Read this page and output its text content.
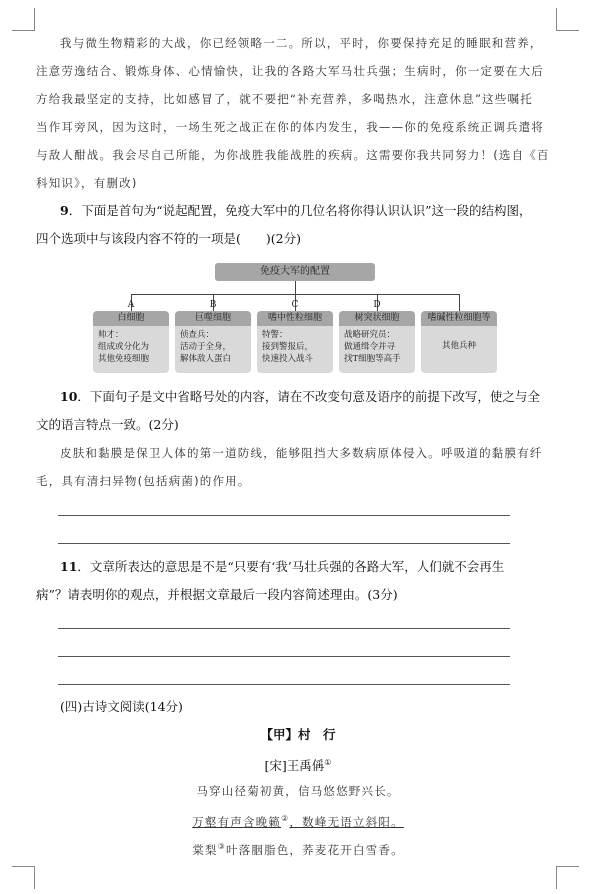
我与微生物精彩的大战，你已经领略一二。所以，平时，你要保持充足的睡眠和营养，
注意劳逸结合、锻炼身体、心情愉快，让我的各路大军马壮兵强；生病时，你一定要在大后
方给我最坚定的支持，比如感冒了，就不要把“补充营养，多喝热水，注意休息”这些嘱托
当作耳旁风，因为这时，一场生死之战正在你的体内发生，我——你的免疫系统正调兵遣将
与敌人酣战。我会尽自己所能，为你战胜我能战胜的疾病。这需要你我共同努力！(选自《百
科知识》，有删改)
9．下面是首句为“说起配置，免疫大军中的几位名将你得认识认识”这一段的结构图，
四个选项中与该段内容不符的一项是(　　)(2分)
免疫大军的配置
A	B	C	D
白细胞
帅才：
组成或分化为
其他免疫细胞
巨噬细胞
侦查兵：
活动于全身，
解体敌人蛋白
嗜中性粒细胞
特警：
接到警报后，
快速投入战斗
树突状细胞
战略研究员：
做通缉令并寻
找T细胞等高手
嗜碱性粒细胞等
其他兵种
10．下面句子是文中省略号处的内容，请在不改变句意及语序的前提下改写，使之与全
文的语言特点一致。(2分)
皮肤和黏膜是保卫人体的第一道防线，能够阻挡大多数病原体侵入。呼吸道的黏膜有纤
毛，具有清扫异物(包括病菌)的作用。
11．文章所表达的意思是不是“只要有‘我’马壮兵强的各路大军，人们就不会再生
病”？请表明你的观点，并根据文章最后一段内容简述理由。(3分)
(四)古诗文阅读(14分)
【甲】村　行
[宋]王禹偁①
马穿山径菊初黄，信马悠悠野兴长。
万壑有声含晚籁②，数峰无语立斜阳。
棠梨③叶落胭脂色，荞麦花开白雪香。
